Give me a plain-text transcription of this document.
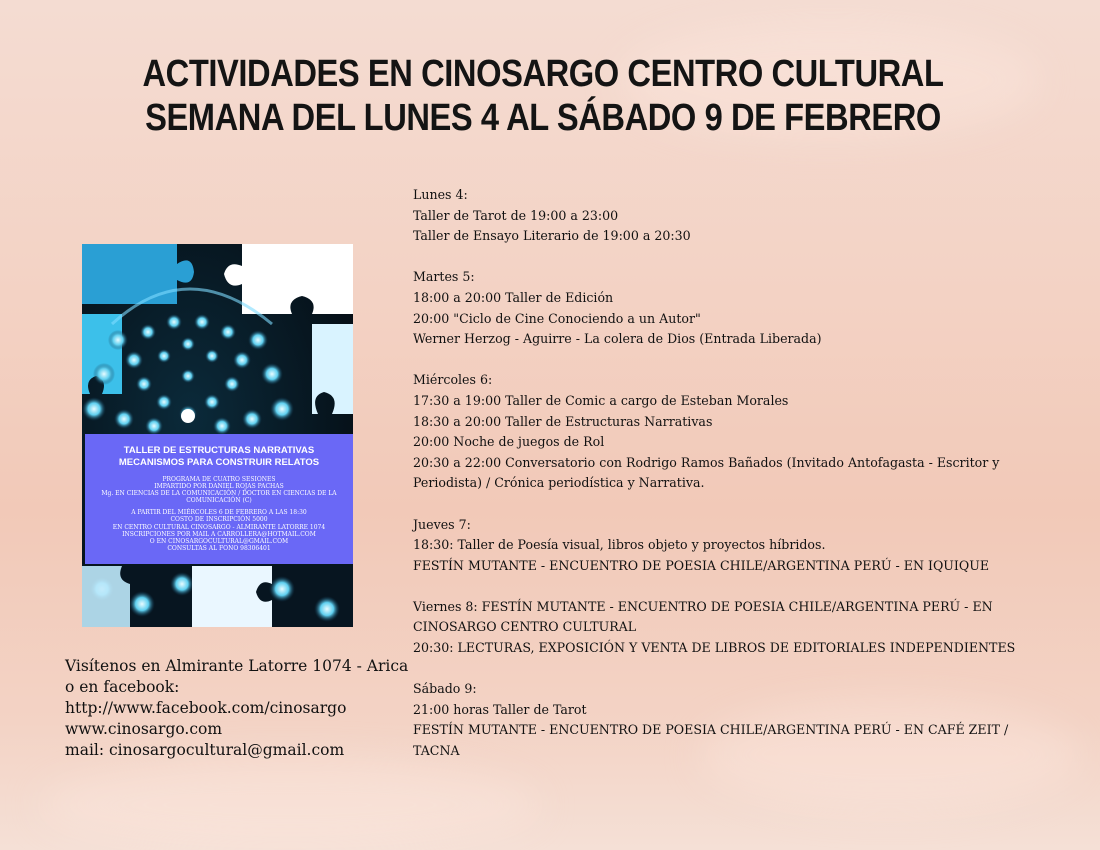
ACTIVIDADES EN CINOSARGO CENTRO CULTURAL
SEMANA DEL LUNES 4 AL SÁBADO 9 DE FEBRERO
TALLER DE ESTRUCTURAS NARRATIVAS
MECANISMOS PARA CONSTRUIR RELATOS
PROGRAMA DE CUATRO SESIONES
IMPARTIDO POR DANIEL ROJAS PACHAS
Mg. EN CIENCIAS DE LA COMUNICACIÓN / DOCTOR EN CIENCIAS DE LA COMUNICACIÓN (C)
A PARTIR DEL MIÉRCOLES 6 DE FEBRERO A LAS 18:30
COSTO DE INSCRIPCIÓN 5000
EN CENTRO CULTURAL CINOSARGO - ALMIRANTE LATORRE 1074
INSCRIPCIONES POR MAIL A CARROLLERA@HOTMAIL.COM
O EN CINOSARGOCULTURAL@GMAIL.COM
CONSULTAS AL FONO 98306401
Visítenos en Almirante Latorre 1074 - Arica
o en facebook:
http://www.facebook.com/cinosargo
www.cinosargo.com
mail: cinosargocultural@gmail.com
Lunes 4:
Taller de Tarot de 19:00 a 23:00
Taller de Ensayo Literario de 19:00 a 20:30
Martes 5:
18:00 a 20:00 Taller de Edición
20:00 "Ciclo de Cine Conociendo a un Autor"
Werner Herzog - Aguirre - La colera de Dios (Entrada Liberada)
Miércoles 6:
17:30 a 19:00 Taller de Comic a cargo de Esteban Morales
18:30 a 20:00 Taller de Estructuras Narrativas
20:00 Noche de juegos de Rol
20:30 a 22:00 Conversatorio con Rodrigo Ramos Bañados (Invitado Antofagasta - Escritor y Periodista) / Crónica periodística y Narrativa.
Jueves 7:
18:30: Taller de Poesía visual, libros objeto y proyectos híbridos.
FESTÍN MUTANTE - ENCUENTRO DE POESIA CHILE/ARGENTINA PERÚ - EN IQUIQUE
Viernes 8: FESTÍN MUTANTE - ENCUENTRO DE POESIA CHILE/ARGENTINA PERÚ - EN CINOSARGO CENTRO CULTURAL
20:30: LECTURAS, EXPOSICIÓN Y VENTA DE LIBROS DE EDITORIALES INDEPENDIENTES
Sábado 9:
21:00 horas Taller de Tarot
FESTÍN MUTANTE - ENCUENTRO DE POESIA CHILE/ARGENTINA PERÚ - EN CAFÉ ZEIT / TACNA
